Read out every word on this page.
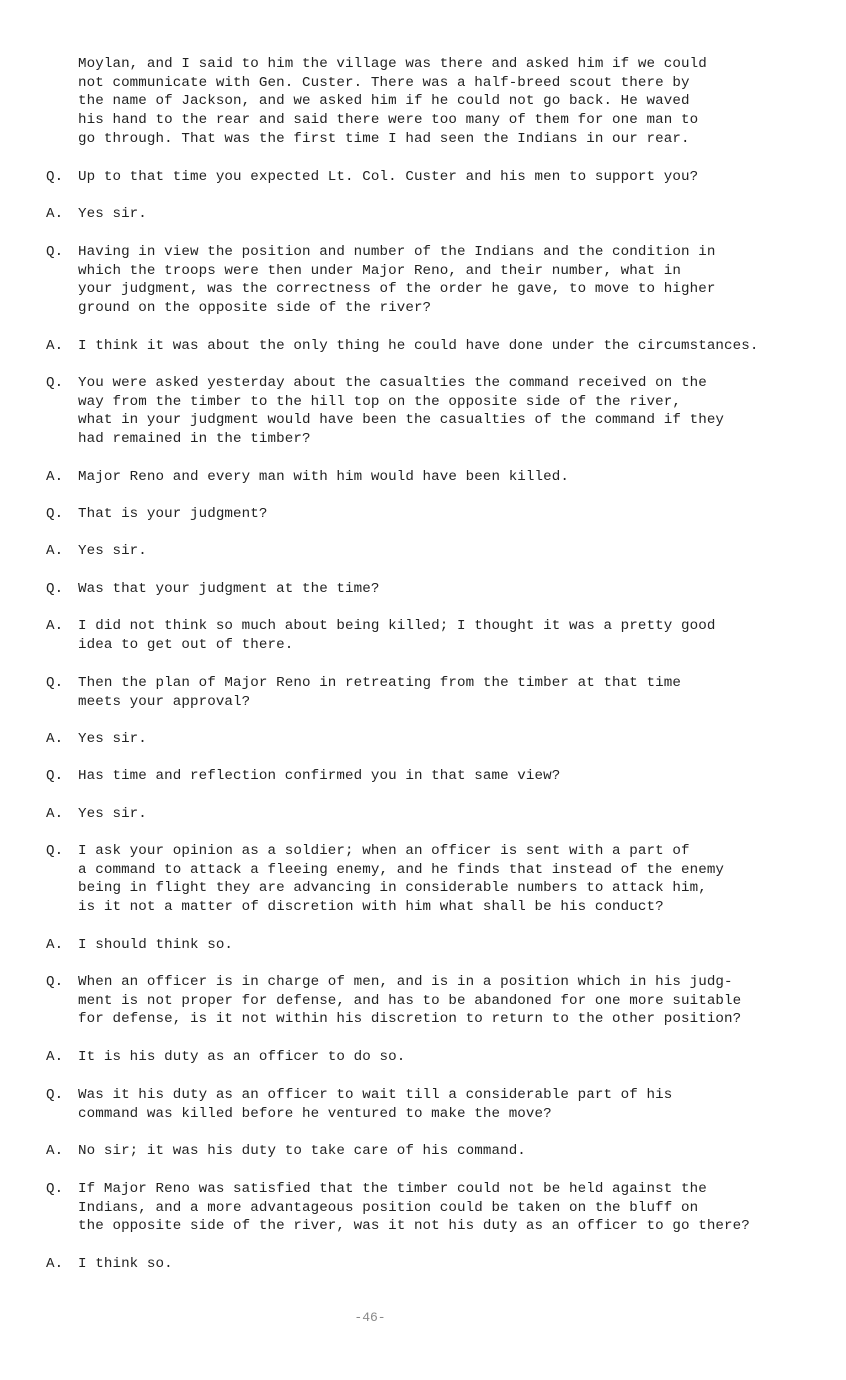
Moylan, and I said to him the village was there and asked him if we could
not communicate with Gen. Custer. There was a half-breed scout there by
the name of Jackson, and we asked him if he could not go back. He waved
his hand to the rear and said there were too many of them for one man to
go through. That was the first time I had seen the Indians in our rear.

Q.

Up to that time you expected Lt. Col. Custer and his men to support you?

A.

Yes sir.

Q.

Having in view the position and number of the Indians and the condition in
which the troops were then under Major Reno, and their number, what in
your judgment, was the correctness of the order he gave, to move to higher
ground on the opposite side of the river?

A.

I think it was about the only thing he could have done under the circumstances.

Q.

You were asked yesterday about the casualties the command received on the
way from the timber to the hill top on the opposite side of the river,
what in your judgment would have been the casualties of the command if they
had remained in the timber?

A.

Major Reno and every man with him would have been killed.

Q.

That is your judgment?

A.

Yes sir.

Q.

Was that your judgment at the time?

A.

I did not think so much about being killed; I thought it was a pretty good
idea to get out of there.

Q.

Then the plan of Major Reno in retreating from the timber at that time
meets your approval?

A.

Yes sir.

Q.

Has time and reflection confirmed you in that same view?

A.

Yes sir.

Q.

I ask your opinion as a soldier; when an officer is sent with a part of
a command to attack a fleeing enemy, and he finds that instead of the enemy
being in flight they are advancing in considerable numbers to attack him,
is it not a matter of discretion with him what shall be his conduct?

A.

I should think so.

Q.

When an officer is in charge of men, and is in a position which in his judg-
ment is not proper for defense, and has to be abandoned for one more suitable
for defense, is it not within his discretion to return to the other position?

A.

It is his duty as an officer to do so.

Q.

Was it his duty as an officer to wait till a considerable part of his
command was killed before he ventured to make the move?

A.

No sir; it was his duty to take care of his command.

Q.

If Major Reno was satisfied that the timber could not be held against the
Indians, and a more advantageous position could be taken on the bluff on
the opposite side of the river, was it not his duty as an officer to go there?

A.

I think so.

-46-
